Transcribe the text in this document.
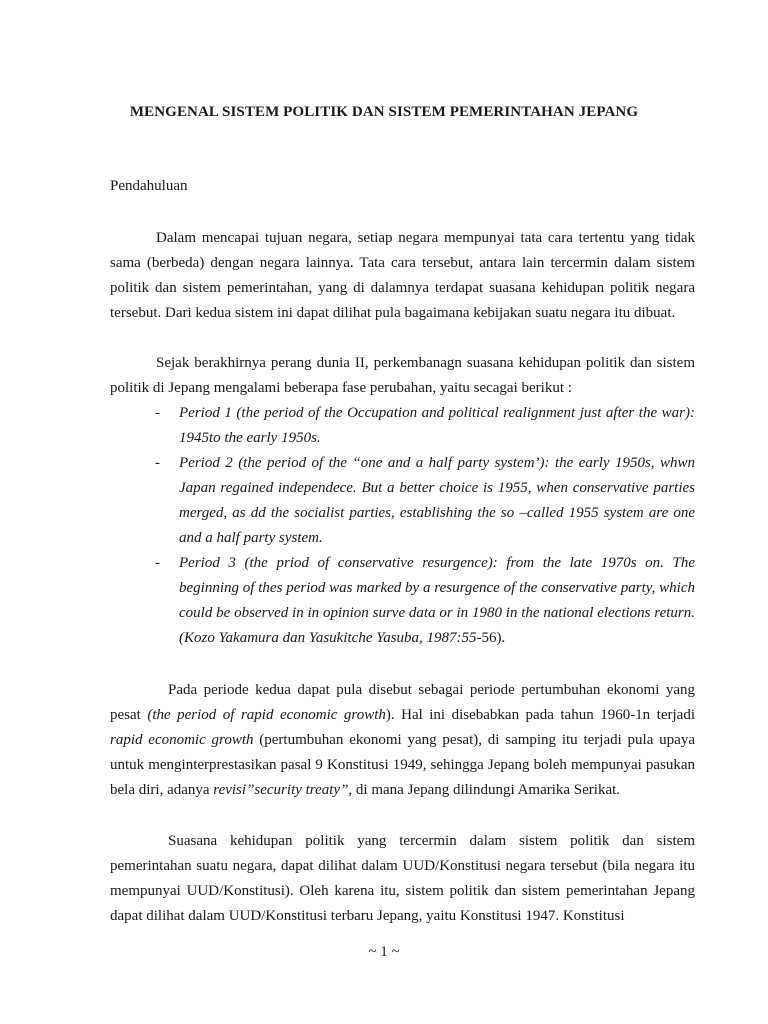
MENGENAL SISTEM POLITIK DAN SISTEM PEMERINTAHAN JEPANG
Pendahuluan

Dalam mencapai tujuan negara, setiap negara mempunyai tata cara tertentu yang tidak sama (berbeda) dengan negara lainnya. Tata cara tersebut, antara lain tercermin dalam sistem politik dan sistem pemerintahan, yang di dalamnya terdapat suasana kehidupan politik negara tersebut. Dari kedua sistem ini dapat dilihat pula bagaimana kebijakan suatu negara itu dibuat.

Sejak berakhirnya perang dunia II, perkembanagn suasana kehidupan politik dan sistem politik di Jepang mengalami beberapa fase perubahan, yaitu secagai berikut :

- Period 1 (the period of the Occupation and political realignment just after the war): 1945to the early 1950s.
- Period 2 (the period of the “one and a half party system’): the early 1950s, whwn Japan regained independece. But a better choice is 1955, when conservative parties merged, as dd the socialist parties, establishing the so –called 1955 system are one and a half party system.
- Period 3 (the priod of conservative resurgence): from the late 1970s on. The beginning of thes period was marked by a resurgence of the conservative party, which could be observed in in opinion surve data or in 1980 in the national elections return. (Kozo Yakamura dan Yasukitche Yasuba, 1987:55-56).

Pada periode kedua dapat pula disebut sebagai periode pertumbuhan ekonomi yang pesat (the period of rapid economic growth). Hal ini disebabkan pada tahun 1960-1n terjadi rapid economic growth (pertumbuhan ekonomi yang pesat), di samping itu terjadi pula upaya untuk menginterprestasikan pasal 9 Konstitusi 1949, sehingga Jepang boleh mempunyai pasukan bela diri, adanya revisi”security treaty”, di mana Jepang dilindungi Amarika Serikat.

Suasana kehidupan politik yang tercermin dalam sistem politik dan sistem pemerintahan suatu negara, dapat dilihat dalam UUD/Konstitusi negara tersebut (bila negara itu mempunyai UUD/Konstitusi). Oleh karena itu, sistem politik dan sistem pemerintahan Jepang dapat dilihat dalam UUD/Konstitusi terbaru Jepang, yaitu Konstitusi 1947. Konstitusi

~ 1 ~
